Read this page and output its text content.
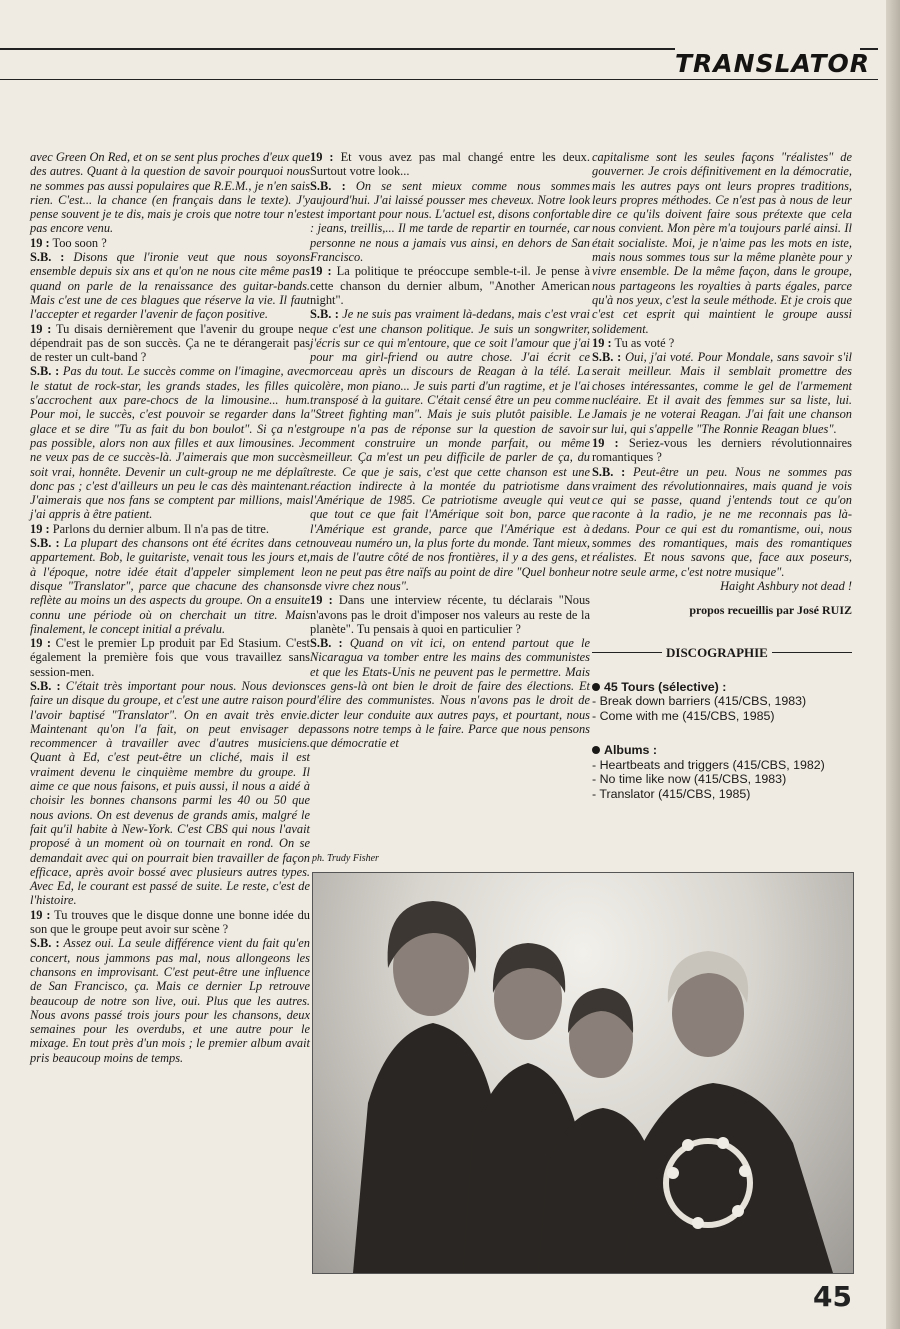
TRANSLATOR

avec Green On Red, et on se sent plus proches d'eux que des autres. Quant à la question de savoir pourquoi nous ne sommes pas aussi populaires que R.E.M., je n'en sais rien. C'est... la chance (en français dans le texte). J'y pense souvent je te dis, mais je crois que notre tour n'est pas encore venu.

19 : Too soon ?

S.B. : Disons que l'ironie veut que nous soyons ensemble depuis six ans et qu'on ne nous cite même pas quand on parle de la renaissance des guitar-bands. Mais c'est une de ces blagues que réserve la vie. Il faut l'accepter et regarder l'avenir de façon positive.

19 : Tu disais dernièrement que l'avenir du groupe ne dépendrait pas de son succès. Ça ne te dérangerait pas de rester un cult-band ?

S.B. : Pas du tout. Le succès comme on l'imagine, avec le statut de rock-star, les grands stades, les filles qui s'accrochent aux pare-chocs de la limousine... hum. Pour moi, le succès, c'est pouvoir se regarder dans la glace et se dire "Tu as fait du bon boulot". Si ça n'est pas possible, alors non aux filles et aux limousines. Je ne veux pas de ce succès-là. J'aimerais que mon succès soit vrai, honnête. Devenir un cult-group ne me déplaît donc pas ; c'est d'ailleurs un peu le cas dès maintenant. J'aimerais que nos fans se comptent par millions, mais j'ai appris à être patient.

19 : Parlons du dernier album. Il n'a pas de titre.

S.B. : La plupart des chansons ont été écrites dans cet appartement. Bob, le guitariste, venait tous les jours et, à l'époque, notre idée était d'appeler simplement le disque "Translator", parce que chacune des chansons reflète au moins un des aspects du groupe. On a ensuite connu une période où on cherchait un titre. Mais finalement, le concept initial a prévalu.

19 : C'est le premier Lp produit par Ed Stasium. C'est également la première fois que vous travaillez sans session-men.

S.B. : C'était très important pour nous. Nous devions faire un disque du groupe, et c'est une autre raison pour l'avoir baptisé "Translator". On en avait très envie. Maintenant qu'on l'a fait, on peut envisager de recommencer à travailler avec d'autres musiciens. Quant à Ed, c'est peut-être un cliché, mais il est vraiment devenu le cinquième membre du groupe. Il aime ce que nous faisons, et puis aussi, il nous a aidé à choisir les bonnes chansons parmi les 40 ou 50 que nous avions. On est devenus de grands amis, malgré le fait qu'il habite à New-York. C'est CBS qui nous l'avait proposé à un moment où on tournait en rond. On se demandait avec qui on pourrait bien travailler de façon efficace, après avoir bossé avec plusieurs autres types. Avec Ed, le courant est passé de suite. Le reste, c'est de l'histoire.

19 : Tu trouves que le disque donne une bonne idée du son que le groupe peut avoir sur scène ?

S.B. : Assez oui. La seule différence vient du fait qu'en concert, nous jammons pas mal, nous allongeons les chansons en improvisant. C'est peut-être une influence de San Francisco, ça. Mais ce dernier Lp retrouve beaucoup de notre son live, oui. Plus que les autres. Nous avons passé trois jours pour les chansons, deux semaines pour les overdubs, et une autre pour le mixage. En tout près d'un mois ; le premier album avait pris beaucoup moins de temps.

19 : Et vous avez pas mal changé entre les deux. Surtout votre look...

S.B. : On se sent mieux comme nous sommes aujourd'hui. J'ai laissé pousser mes cheveux. Notre look est important pour nous. L'actuel est, disons confortable : jeans, treillis,... Il me tarde de repartir en tournée, car personne ne nous a jamais vus ainsi, en dehors de San Francisco.

19 : La politique te préoccupe semble-t-il. Je pense à cette chanson du dernier album, "Another American night".

S.B. : Je ne suis pas vraiment là-dedans, mais c'est vrai que c'est une chanson politique. Je suis un songwriter, j'écris sur ce qui m'entoure, que ce soit l'amour que j'ai pour ma girl-friend ou autre chose. J'ai écrit ce morceau après un discours de Reagan à la télé. La colère, mon piano... Je suis parti d'un ragtime, et je l'ai transposé à la guitare. C'était censé être un peu comme "Street fighting man". Mais je suis plutôt paisible. Le groupe n'a pas de réponse sur la question de savoir comment construire un monde parfait, ou même meilleur. Ça m'est un peu difficile de parler de ça, du reste. Ce que je sais, c'est que cette chanson est une réaction indirecte à la montée du patriotisme dans l'Amérique de 1985. Ce patriotisme aveugle qui veut que tout ce que fait l'Amérique soit bon, parce que l'Amérique est grande, parce que l'Amérique est à nouveau numéro un, la plus forte du monde. Tant mieux, mais de l'autre côté de nos frontières, il y a des gens, et on ne peut pas être naïfs au point de dire "Quel bonheur de vivre chez nous".

19 : Dans une interview récente, tu déclarais "Nous n'avons pas le droit d'imposer nos valeurs au reste de la planète". Tu pensais à quoi en particulier ?

S.B. : Quand on vit ici, on entend partout que le Nicaragua va tomber entre les mains des communistes et que les Etats-Unis ne peuvent pas le permettre. Mais ces gens-là ont bien le droit de faire des élections. Et d'élire des communistes. Nous n'avons pas le droit de dicter leur conduite aux autres pays, et pourtant, nous passons notre temps à le faire. Parce que nous pensons que démocratie et

capitalisme sont les seules façons "réalistes" de gouverner. Je crois définitivement en la démocratie, mais les autres pays ont leurs propres traditions, leurs propres méthodes. Ce n'est pas à nous de leur dire ce qu'ils doivent faire sous prétexte que cela nous convient. Mon père m'a toujours parlé ainsi. Il était socialiste. Moi, je n'aime pas les mots en iste, mais nous sommes tous sur la même planète pour y vivre ensemble. De la même façon, dans le groupe, nous partageons les royalties à parts égales, parce qu'à nos yeux, c'est la seule méthode. Et je crois que c'est cet esprit qui maintient le groupe aussi solidement.

19 : Tu as voté ?

S.B. : Oui, j'ai voté. Pour Mondale, sans savoir s'il serait meilleur. Mais il semblait promettre des choses intéressantes, comme le gel de l'armement nucléaire. Et il avait des femmes sur sa liste, lui. Jamais je ne voterai Reagan. J'ai fait une chanson sur lui, qui s'appelle "The Ronnie Reagan blues".

19 : Seriez-vous les derniers révolutionnaires romantiques ?

S.B. : Peut-être un peu. Nous ne sommes pas vraiment des révolutionnaires, mais quand je vois ce qui se passe, quand j'entends tout ce qu'on raconte à la radio, je ne me reconnais pas là-dedans. Pour ce qui est du romantisme, oui, nous sommes des romantiques, mais des romantiques réalistes. Et nous savons que, face aux poseurs, notre seule arme, c'est notre musique".

Haight Ashbury not dead !

propos recueillis par José RUIZ

DISCOGRAPHIE
45 Tours (sélective) :
- Break down barriers (415/CBS, 1983)
- Come with me (415/CBS, 1985)
Albums :
- Heartbeats and triggers (415/CBS, 1982)
- No time like now (415/CBS, 1983)
- Translator (415/CBS, 1985)
ph. Trudy Fisher
45
